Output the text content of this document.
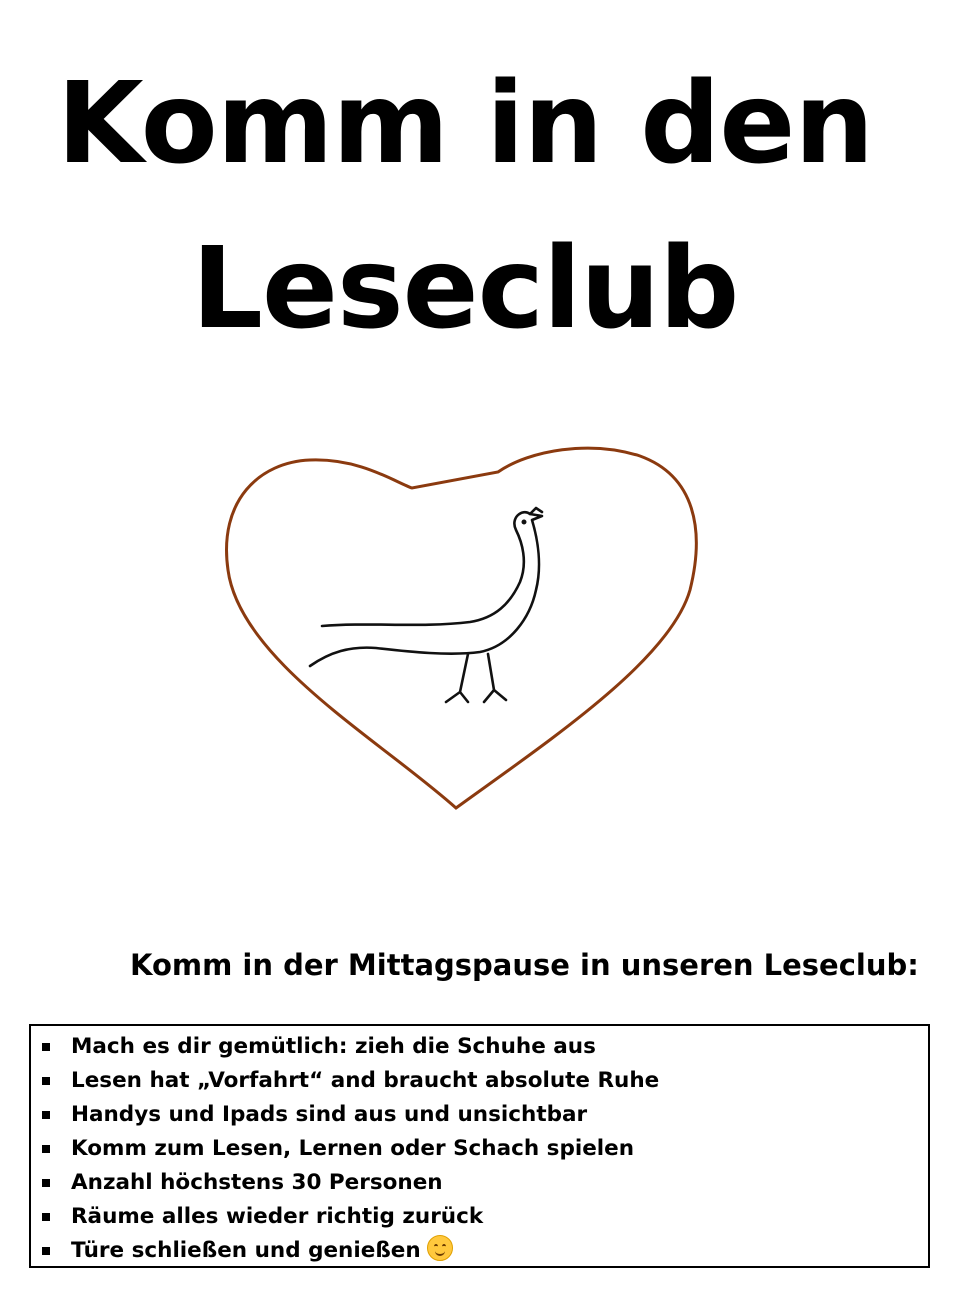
Komm in den
Leseclub
Komm in der Mittagspause in unseren Leseclub:
Mach es dir gemütlich: zieh die Schuhe aus
Lesen hat „Vorfahrt“ and braucht absolute Ruhe
Handys und Ipads sind aus und unsichtbar
Komm zum Lesen, Lernen oder Schach spielen
Anzahl höchstens 30 Personen
Räume alles wieder richtig zurück
Türe schließen und genießen
